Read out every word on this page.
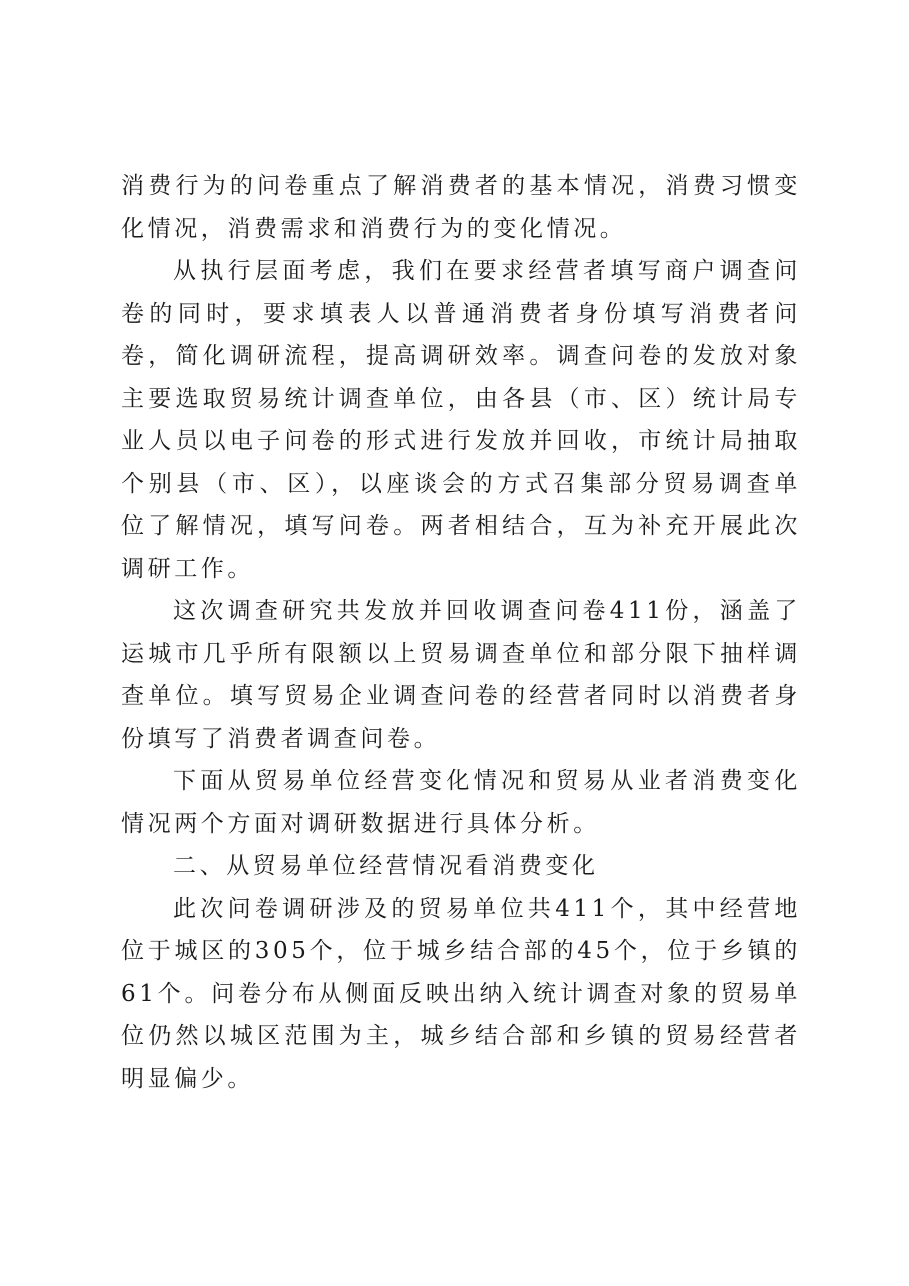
消费行为的问卷重点了解消费者的基本情况，消费习惯变化情况，消费需求和消费行为的变化情况。

从执行层面考虑，我们在要求经营者填写商户调查问卷的同时，要求填表人以普通消费者身份填写消费者问卷，简化调研流程，提高调研效率。调查问卷的发放对象主要选取贸易统计调查单位，由各县（市、区）统计局专业人员以电子问卷的形式进行发放并回收，市统计局抽取个别县（市、区），以座谈会的方式召集部分贸易调查单位了解情况，填写问卷。两者相结合，互为补充开展此次调研工作。

这次调查研究共发放并回收调查问卷411份，涵盖了运城市几乎所有限额以上贸易调查单位和部分限下抽样调查单位。填写贸易企业调查问卷的经营者同时以消费者身份填写了消费者调查问卷。

下面从贸易单位经营变化情况和贸易从业者消费变化情况两个方面对调研数据进行具体分析。

二、从贸易单位经营情况看消费变化

此次问卷调研涉及的贸易单位共411个，其中经营地位于城区的305个，位于城乡结合部的45个，位于乡镇的61个。问卷分布从侧面反映出纳入统计调查对象的贸易单位仍然以城区范围为主，城乡结合部和乡镇的贸易经营者明显偏少。
